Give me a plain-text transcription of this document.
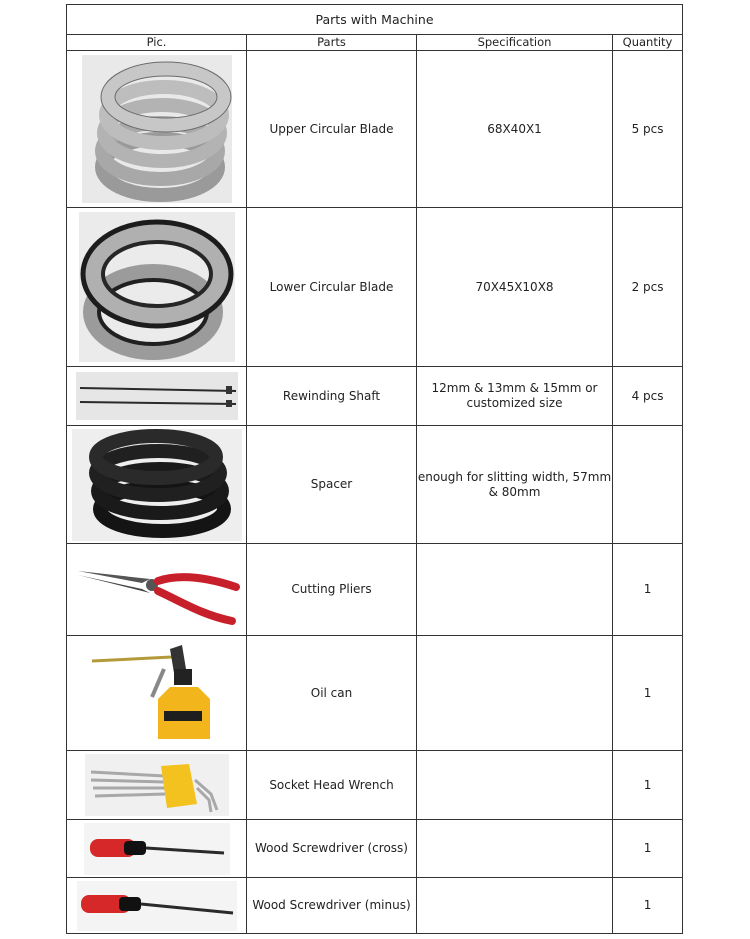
Parts with Machine			
Pic.	Parts	Specification	Quantity

	Upper Circular Blade	68X40X1	5 pcs

	Lower Circular Blade	70X45X10X8	2 pcs

	Rewinding Shaft	12mm & 13mm & 15mm or
customized size	4 pcs

	Spacer	enough for slitting width, 57mm
& 80mm	

	Cutting Pliers		1

	Oil can		1

	Socket Head Wrench		1

	Wood Screwdriver (cross)		1

	Wood Screwdriver (minus)		1
